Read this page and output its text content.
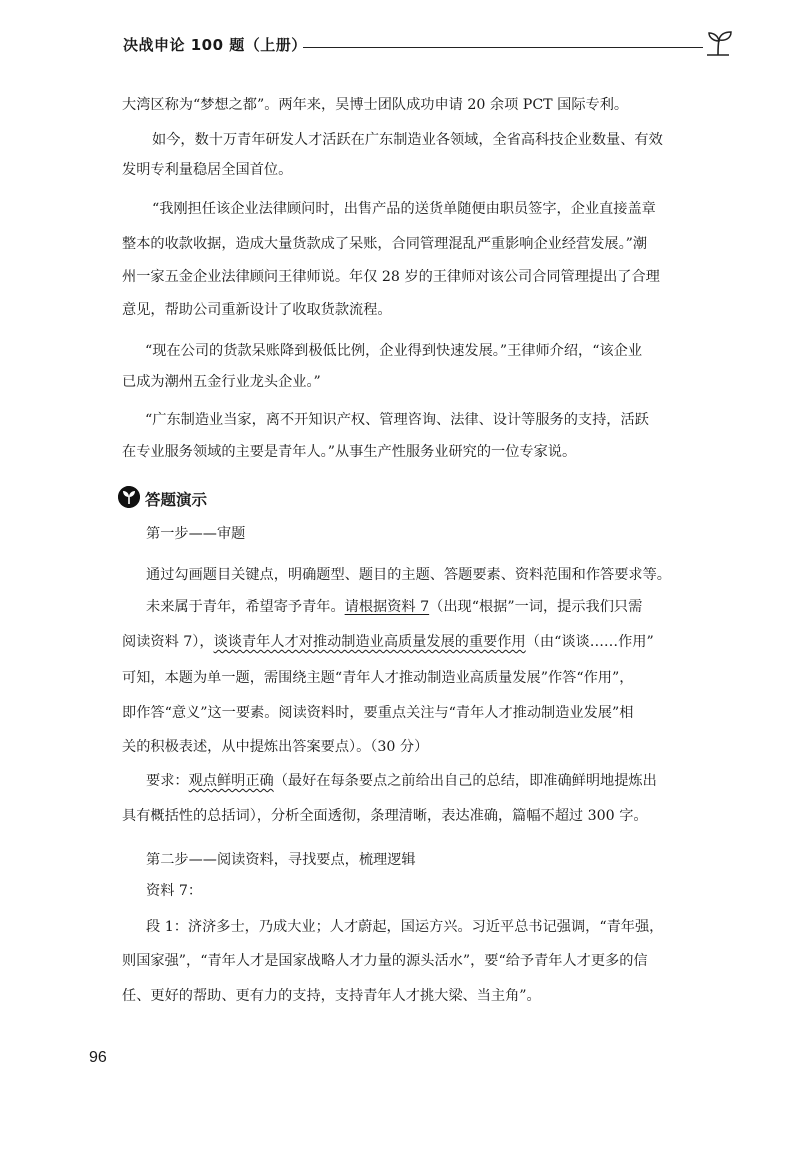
决战申论 100 题（上册）
大湾区称为“梦想之都”。两年来，吴博士团队成功申请 20 余项 PCT 国际专利。
如今，数十万青年研发人才活跃在广东制造业各领域，全省高科技企业数量、有效
发明专利量稳居全国首位。
“我刚担任该企业法律顾问时，出售产品的送货单随便由职员签字，企业直接盖章
整本的收款收据，造成大量货款成了呆账，合同管理混乱严重影响企业经营发展。”潮
州一家五金企业法律顾问王律师说。年仅 28 岁的王律师对该公司合同管理提出了合理
意见，帮助公司重新设计了收取货款流程。
“现在公司的货款呆账降到极低比例，企业得到快速发展。”王律师介绍，“该企业
已成为潮州五金行业龙头企业。”
“广东制造业当家，离不开知识产权、管理咨询、法律、设计等服务的支持，活跃
在专业服务领域的主要是青年人。”从事生产性服务业研究的一位专家说。
答题演示
第一步——审题
通过勾画题目关键点，明确题型、题目的主题、答题要素、资料范围和作答要求等。
未来属于青年，希望寄予青年。请根据资料 7（出现“根据”一词，提示我们只需
阅读资料 7），谈谈青年人才对推动制造业高质量发展的重要作用（由“谈谈……作用”
可知，本题为单一题，需围绕主题“青年人才推动制造业高质量发展”作答“作用”，
即作答“意义”这一要素。阅读资料时，要重点关注与“青年人才推动制造业发展”相
关的积极表述，从中提炼出答案要点）。（30 分）
要求：观点鲜明正确（最好在每条要点之前给出自己的总结，即准确鲜明地提炼出
具有概括性的总括词），分析全面透彻，条理清晰，表达准确，篇幅不超过 300 字。
第二步——阅读资料，寻找要点，梳理逻辑
资料 7：
段 1：济济多士，乃成大业；人才蔚起，国运方兴。习近平总书记强调，“青年强，
则国家强”，“青年人才是国家战略人才力量的源头活水”，要“给予青年人才更多的信
任、更好的帮助、更有力的支持，支持青年人才挑大梁、当主角”。
96
